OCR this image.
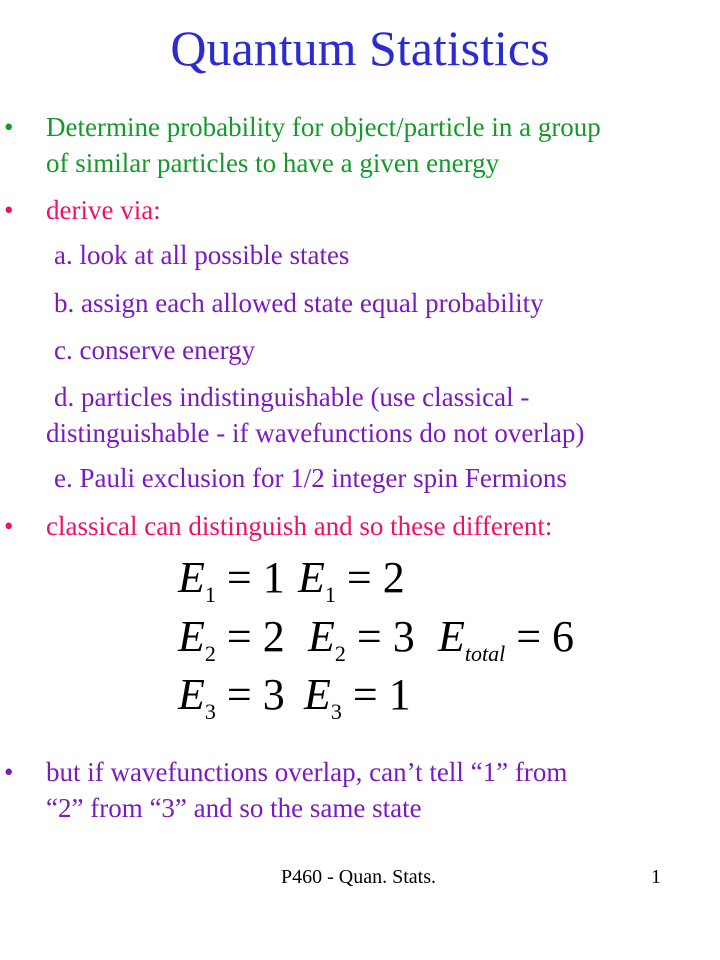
Quantum Statistics
• Determine probability for object/particle in a group
of similar particles to have a given energy
• derive via:
a. look at all possible states
b. assign each allowed state equal probability
c. conserve energy
d. particles indistinguishable (use classical -
distinguishable - if wavefunctions do not overlap)
e. Pauli exclusion for 1/2 integer spin Fermions
• classical can distinguish and so these different:
$E_1 = 1$ $E_1 = 2$
$E_2 = 2$ $E_2 = 3$ $E_{total} = 6$
$E_3 = 3$ $E_3 = 1$
• but if wavefunctions overlap, can’t tell “1” from
“2” from “3” and so the same state
P460 - Quan. Stats.	1
